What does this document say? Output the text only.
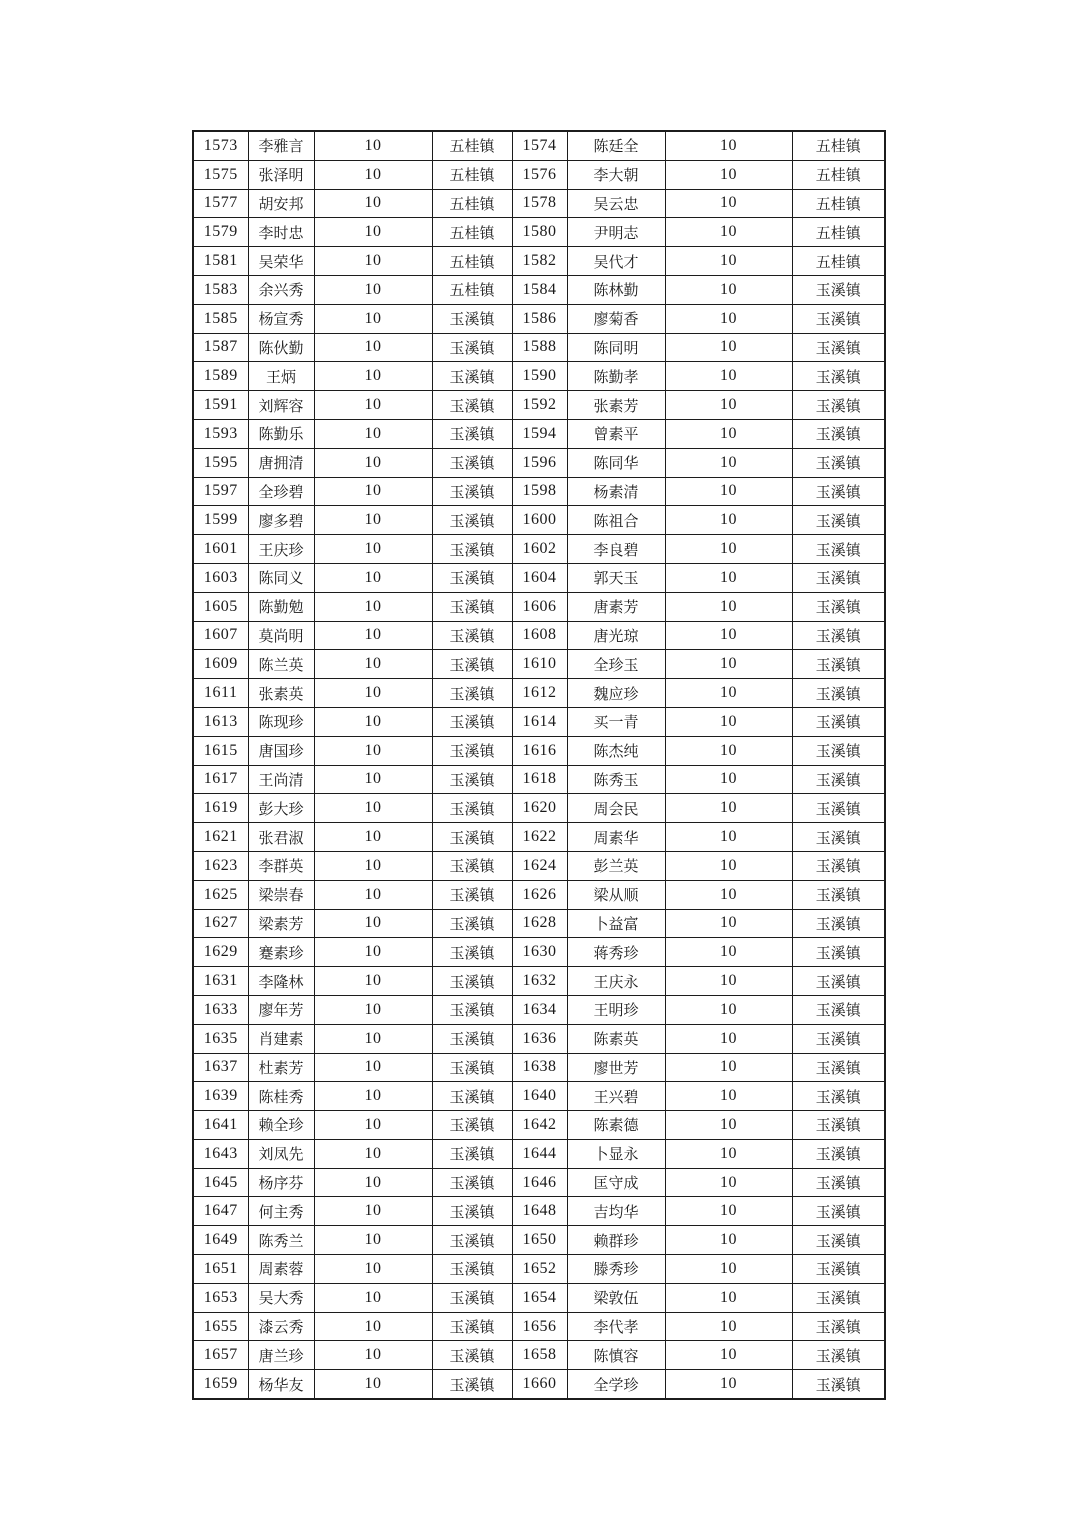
1573	李雅言	10	五桂镇	1574	陈廷全	10	五桂镇
1575	张泽明	10	五桂镇	1576	李大朝	10	五桂镇
1577	胡安邦	10	五桂镇	1578	吴云忠	10	五桂镇
1579	李时忠	10	五桂镇	1580	尹明志	10	五桂镇
1581	吴荣华	10	五桂镇	1582	吴代才	10	五桂镇
1583	余兴秀	10	五桂镇	1584	陈林勤	10	玉溪镇
1585	杨宣秀	10	玉溪镇	1586	廖菊香	10	玉溪镇
1587	陈伙勤	10	玉溪镇	1588	陈同明	10	玉溪镇
1589	王炳	10	玉溪镇	1590	陈勤孝	10	玉溪镇
1591	刘辉容	10	玉溪镇	1592	张素芳	10	玉溪镇
1593	陈勤乐	10	玉溪镇	1594	曾素平	10	玉溪镇
1595	唐拥清	10	玉溪镇	1596	陈同华	10	玉溪镇
1597	全珍碧	10	玉溪镇	1598	杨素清	10	玉溪镇
1599	廖多碧	10	玉溪镇	1600	陈祖合	10	玉溪镇
1601	王庆珍	10	玉溪镇	1602	李良碧	10	玉溪镇
1603	陈同义	10	玉溪镇	1604	郭天玉	10	玉溪镇
1605	陈勤勉	10	玉溪镇	1606	唐素芳	10	玉溪镇
1607	莫尚明	10	玉溪镇	1608	唐光琼	10	玉溪镇
1609	陈兰英	10	玉溪镇	1610	全珍玉	10	玉溪镇
1611	张素英	10	玉溪镇	1612	魏应珍	10	玉溪镇
1613	陈现珍	10	玉溪镇	1614	买一青	10	玉溪镇
1615	唐国珍	10	玉溪镇	1616	陈杰纯	10	玉溪镇
1617	王尚清	10	玉溪镇	1618	陈秀玉	10	玉溪镇
1619	彭大珍	10	玉溪镇	1620	周会民	10	玉溪镇
1621	张君淑	10	玉溪镇	1622	周素华	10	玉溪镇
1623	李群英	10	玉溪镇	1624	彭兰英	10	玉溪镇
1625	梁崇春	10	玉溪镇	1626	梁从顺	10	玉溪镇
1627	梁素芳	10	玉溪镇	1628	卜益富	10	玉溪镇
1629	蹇素珍	10	玉溪镇	1630	蒋秀珍	10	玉溪镇
1631	李隆林	10	玉溪镇	1632	王庆永	10	玉溪镇
1633	廖年芳	10	玉溪镇	1634	王明珍	10	玉溪镇
1635	肖建素	10	玉溪镇	1636	陈素英	10	玉溪镇
1637	杜素芳	10	玉溪镇	1638	廖世芳	10	玉溪镇
1639	陈桂秀	10	玉溪镇	1640	王兴碧	10	玉溪镇
1641	赖全珍	10	玉溪镇	1642	陈素德	10	玉溪镇
1643	刘凤先	10	玉溪镇	1644	卜显永	10	玉溪镇
1645	杨序芬	10	玉溪镇	1646	匡守成	10	玉溪镇
1647	何主秀	10	玉溪镇	1648	吉均华	10	玉溪镇
1649	陈秀兰	10	玉溪镇	1650	赖群珍	10	玉溪镇
1651	周素蓉	10	玉溪镇	1652	滕秀珍	10	玉溪镇
1653	吴大秀	10	玉溪镇	1654	梁敦伍	10	玉溪镇
1655	漆云秀	10	玉溪镇	1656	李代孝	10	玉溪镇
1657	唐兰珍	10	玉溪镇	1658	陈慎容	10	玉溪镇
1659	杨华友	10	玉溪镇	1660	全学珍	10	玉溪镇
